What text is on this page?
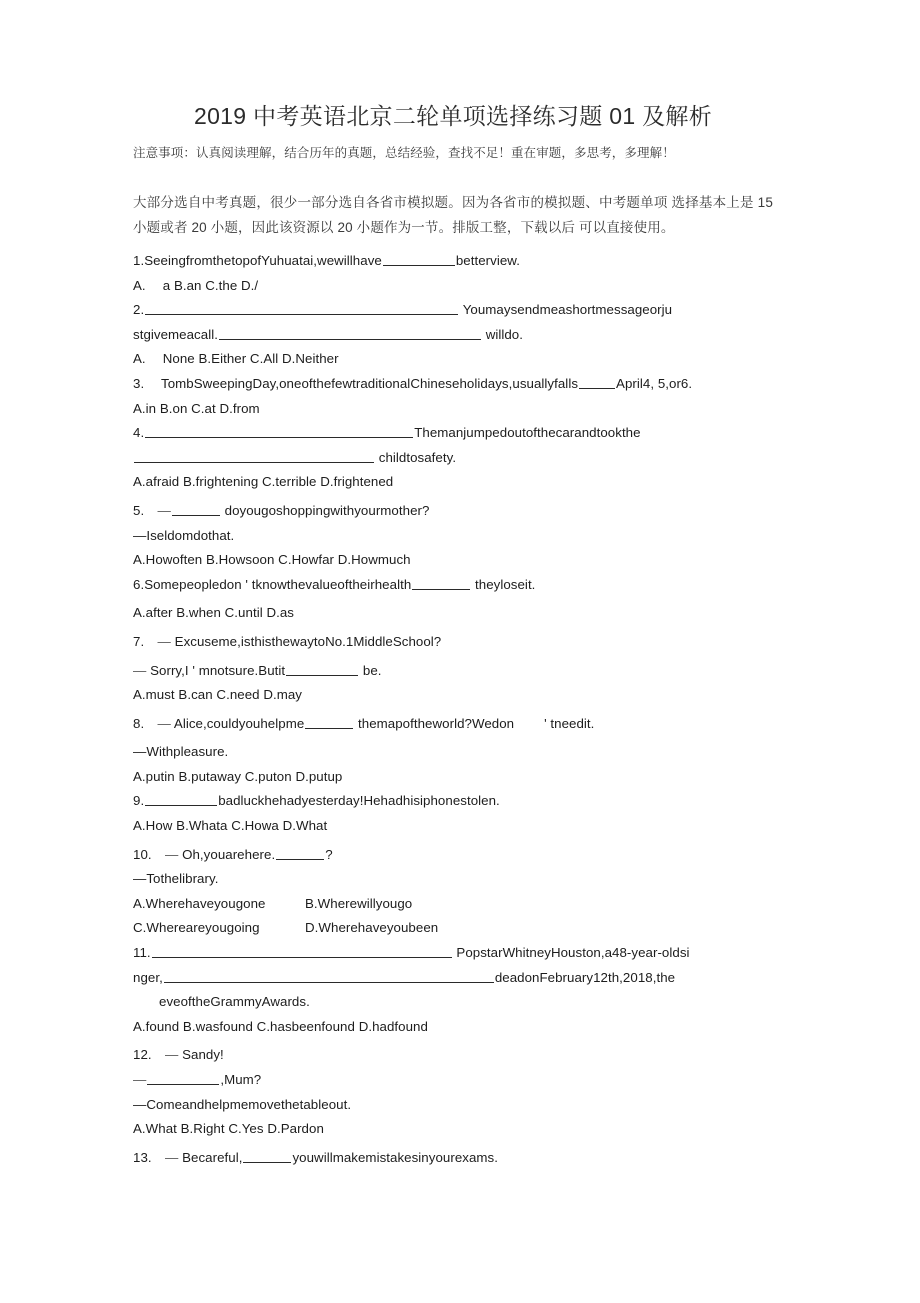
2019 中考英语北京二轮单项选择练习题 01 及解析

注意事项：认真阅读理解，结合历年的真题，总结经验，查找不足！重在审题，多思考，多理解！

大部分选自中考真题，很少一部分选自各省市模拟题。因为各省市的模拟题、中考题单项 选择基本上是 15 小题或者 20 小题，因此该资源以 20 小题作为一节。排版工整，下载以后 可以直接使用。

1.SeeingfromthetopofYuhuatai,wewillhave	betterview.
A.  a B.an C.the D./
2.	Youmaysendmeashortmessageorju
stgivemeacall.	willdo.
A.  None B.Either C.All D.Neither
3.  TombSweepingDay,oneofthefewtraditionalChineseholidays,usuallyfalls	April4, 5,or6.
A.in B.on C.at D.from
4.	Themanjumpedoutofthecarandtookthe
childtosafety.
A.afraid B.frightening C.terrible D.frightened
5. —	doyougoshoppingwithyourmother?
—Iseldomdothat.
A.Howoften B.Howsoon C.Howfar D.Howmuch
6.Somepeopledon ' tknowthevalueoftheirhealth	theyloseit.
A.after B.when C.until D.as
7. — Excuseme,isthisthewaytoNo.1MiddleSchool?
— Sorry,I ' mnotsure.Butit	be.
A.must B.can C.need D.may
8. — Alice,couldyouhelpme	themapoftheworld?Wedon        ' tneedit.
—Withpleasure.
A.putin B.putaway C.puton D.putup
9.	badluckhehadyesterday!Hehadhisiphonestolen.
A.How B.Whata C.Howa D.What
10. — Oh,youarehere.	?
—Tothelibrary.
A.Wherehaveyougone	B.Wherewillyougo
C.Whereareyougoing	D.Wherehaveyoubeen
11.	PopstarWhitneyHouston,a48-year-oldsi
nger,	deadonFebruary12th,2018,the
eveoftheGrammyAwards.
A.found B.wasfound C.hasbeenfound D.hadfound
12. — Sandy!
—	,Mum?
—Comeandhelpmemovethetableout.
A.What B.Right C.Yes D.Pardon
13. — Becareful,	youwillmakemistakesinyourexams.
